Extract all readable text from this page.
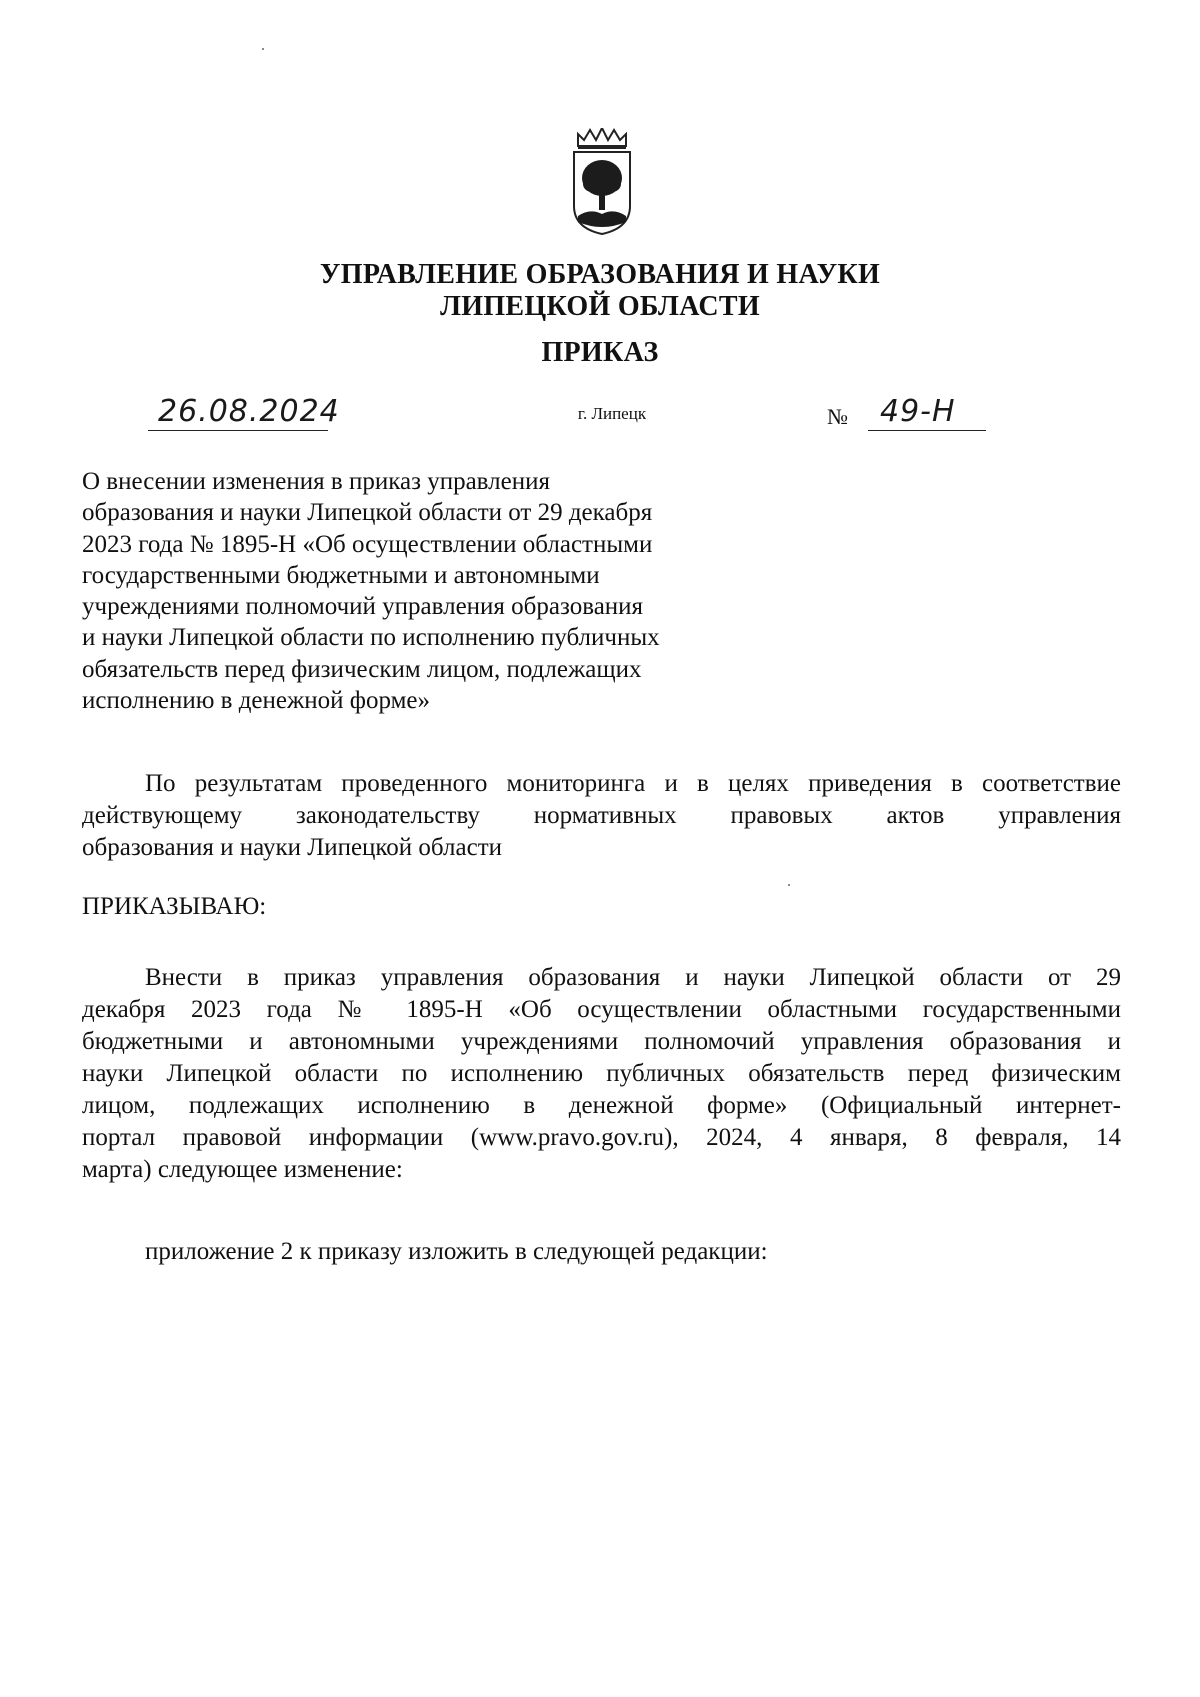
УПРАВЛЕНИЕ ОБРАЗОВАНИЯ И НАУКИ
ЛИПЕЦКОЙ ОБЛАСТИ
ПРИКАЗ
26.08.2024	г. Липецк	№ 49-Н
О внесении изменения в приказ управления
образования и науки Липецкой области от 29 декабря
2023 года № 1895-Н «Об осуществлении областными
государственными бюджетными и автономными
учреждениями полномочий управления образования
и науки Липецкой области по исполнению публичных
обязательств перед физическим лицом, подлежащих
исполнению в денежной форме»
По результатам проведенного мониторинга и в целях приведения в соответствие
действующему законодательству нормативных правовых актов управления
образования и науки Липецкой области
ПРИКАЗЫВАЮ:
Внести в приказ управления образования и науки Липецкой области от 29
декабря 2023 года № 1895-Н «Об осуществлении областными государственными
бюджетными и автономными учреждениями полномочий управления образования и
науки Липецкой области по исполнению публичных обязательств перед физическим
лицом, подлежащих исполнению в денежной форме» (Официальный интернет-
портал правовой информации (www.pravo.gov.ru), 2024, 4 января, 8 февраля, 14
марта) следующее изменение:
приложение 2 к приказу изложить в следующей редакции:
